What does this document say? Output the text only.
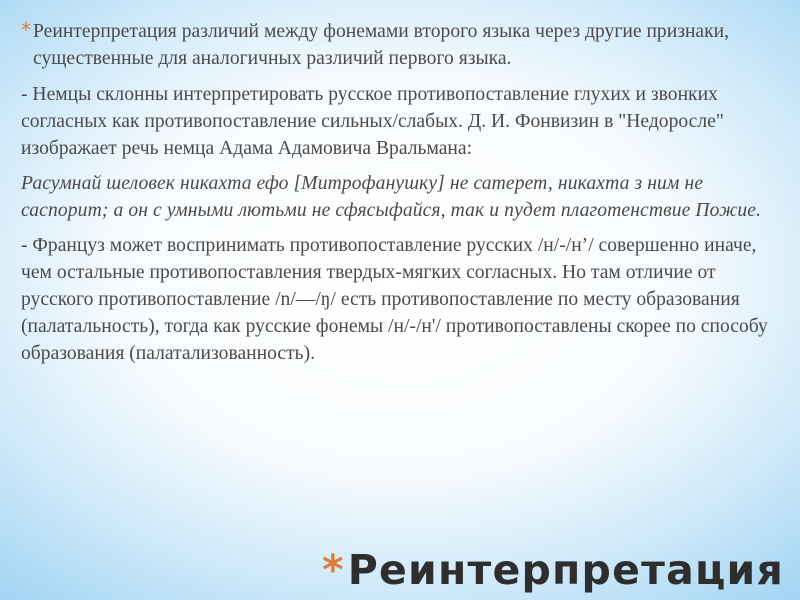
* Реинтерпретация различий между фонемами второго языка через другие признаки, существенные для аналогичных различий первого языка.

- Немцы склонны интерпретировать русское противопоставление глухих и звонких согласных как противопоставление сильных/слабых. Д. И. Фонвизин в "Недоросле" изображает речь немца Адама Адамовича Вральмана:

Расумнай шеловек никахта ефо [Митрофанушку] не сатерет, никахта з ним не саспорит; а он с умными лютьми не сфясыфайся, так и пудет плаготенствие Пожие.

- Француз может воспринимать противопоставление русских /н/-/н’/ совершенно иначе, чем остальные противопоставления твердых-мягких согласных. Но там отличие от русского противопоставление /n/—/ŋ/ есть противопоставление по месту образования (палатальность), тогда как русские фонемы /н/-/н'/ противопоставлены скорее по способу образования (палатализованность).

*Реинтерпретация
